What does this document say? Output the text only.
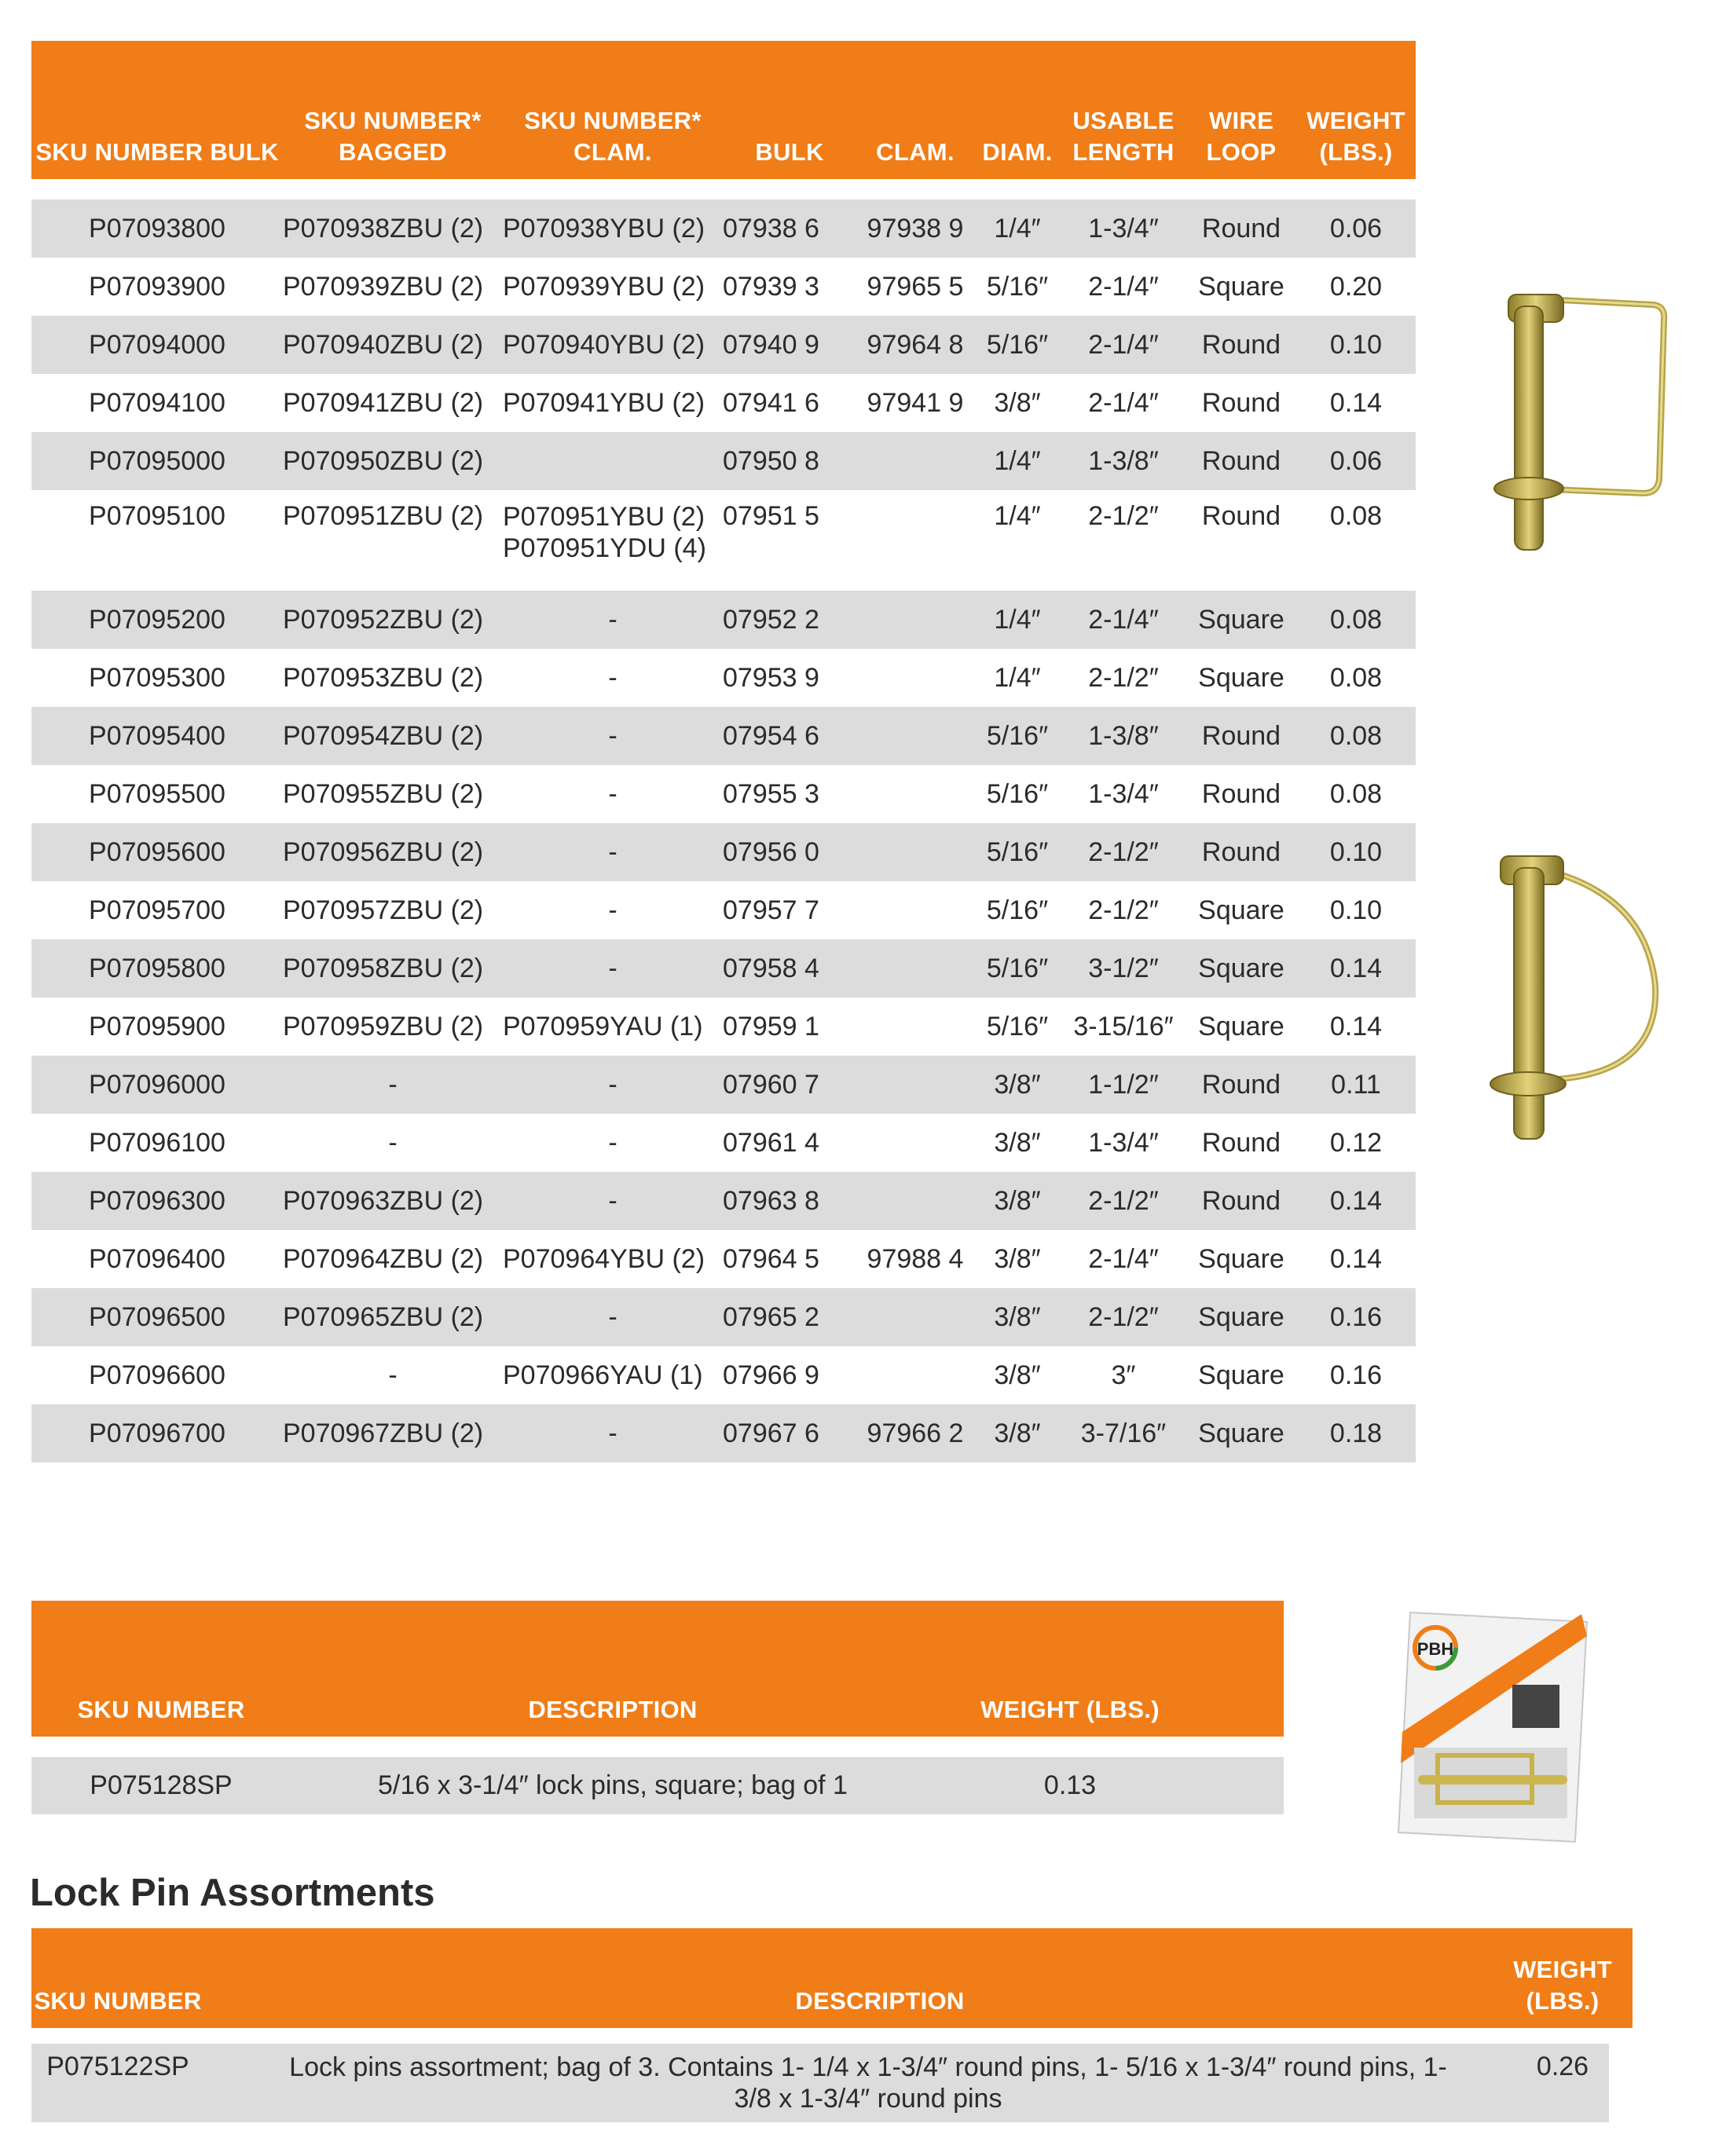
SKU NUMBER BULK	SKU NUMBER* BAGGED	SKU NUMBER* CLAM.	BULK	CLAM.	DIAM.	USABLE LENGTH	WIRE LOOP	WEIGHT (LBS.)

P07093800	P070938ZBU (2)	P070938YBU (2)	07938 6	97938 9	1/4″	1-3/4″	Round	0.06
P07093900	P070939ZBU (2)	P070939YBU (2)	07939 3	97965 5	5/16″	2-1/4″	Square	0.20
P07094000	P070940ZBU (2)	P070940YBU (2)	07940 9	97964 8	5/16″	2-1/4″	Round	0.10
P07094100	P070941ZBU (2)	P070941YBU (2)	07941 6	97941 9	3/8″	2-1/4″	Round	0.14
P07095000	P070950ZBU (2)		07950 8		1/4″	1-3/8″	Round	0.06
P07095100	P070951ZBU (2)	P070951YBU (2) P070951YDU (4)	07951 5		1/4″	2-1/2″	Round	0.08
P07095200	P070952ZBU (2)	-	07952 2		1/4″	2-1/4″	Square	0.08
P07095300	P070953ZBU (2)	-	07953 9		1/4″	2-1/2″	Square	0.08
P07095400	P070954ZBU (2)	-	07954 6		5/16″	1-3/8″	Round	0.08
P07095500	P070955ZBU (2)	-	07955 3		5/16″	1-3/4″	Round	0.08
P07095600	P070956ZBU (2)	-	07956 0		5/16″	2-1/2″	Round	0.10
P07095700	P070957ZBU (2)	-	07957 7		5/16″	2-1/2″	Square	0.10
P07095800	P070958ZBU (2)	-	07958 4		5/16″	3-1/2″	Square	0.14
P07095900	P070959ZBU (2)	P070959YAU (1)	07959 1		5/16″	3-15/16″	Square	0.14
P07096000	-	-	07960 7		3/8″	1-1/2″	Round	0.11
P07096100	-	-	07961 4		3/8″	1-3/4″	Round	0.12
P07096300	P070963ZBU (2)	-	07963 8		3/8″	2-1/2″	Round	0.14
P07096400	P070964ZBU (2)	P070964YBU (2)	07964 5	97988 4	3/8″	2-1/4″	Square	0.14
P07096500	P070965ZBU (2)	-	07965 2		3/8″	2-1/2″	Square	0.16
P07096600	-	P070966YAU (1)	07966 9		3/8″	3″	Square	0.16
P07096700	P070967ZBU (2)	-	07967 6	97966 2	3/8″	3-7/16″	Square	0.18
SKU NUMBER	DESCRIPTION	WEIGHT (LBS.)

P075128SP	5/16 x 3-1/4″ lock pins, square; bag of 1	0.13
PBH
Lock Pin Assortments
SKU NUMBER	DESCRIPTION	WEIGHT (LBS.)

P075122SP	Lock pins assortment; bag of 3. Contains 1- 1/4 x 1-3/4″ round pins, 1- 5/16 x 1-3/4″ round pins, 1- 3/8 x 1-3/4″ round pins	0.26
